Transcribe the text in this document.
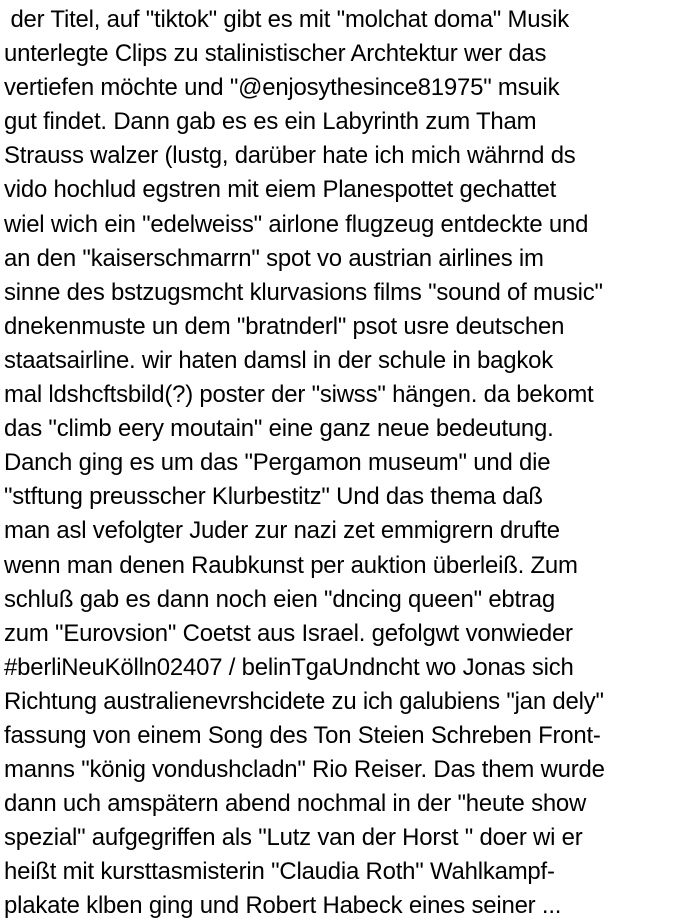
der Titel, auf "tiktok" gibt es mit "molchat doma" Musik
unterlegte Clips zu stalinistischer Archtektur wer das
vertiefen möchte und "@enjosythesince81975" msuik
gut findet. Dann gab es es ein Labyrinth zum Tham
Strauss walzer (lustg, darüber hate ich mich währnd ds
vido hochlud egstren mit eiem Planespottet gechattet
wiel wich ein "edelweiss" airlone flugzeug entdeckte und
an den "kaiserschmarrn" spot vo austrian airlines im
sinne des bstzugsmcht klurvasions films "sound of music"
dnekenmuste un dem "bratnderl" psot usre deutschen
staatsairline. wir haten damsl in der schule in bagkok
mal ldshcftsbild(?) poster der "siwss" hängen. da bekomt
das "climb eery moutain" eine ganz neue bedeutung.
Danch ging es um das "Pergamon museum" und die
"stftung preusscher Klurbestitz" Und das thema daß
man asl vefolgter Juder zur nazi zet emmigrern drufte
wenn man denen Raubkunst per auktion überleiß. Zum
schluß gab es dann noch eien "dncing queen" ebtrag
zum "Eurovsion" Coetst aus Israel. gefolgwt vonwieder
#berliNeuKölln02407 / belinTgaUndncht wo Jonas sich
Richtung australienevrshcidete zu ich galubiens "jan dely"
fassung von einem Song des Ton Steien Schreben Front-
manns "könig vondushcladn" Rio Reiser. Das them wurde
dann uch amspätern abend nochmal in der "heute show
spezial" aufgegriffen als "Lutz van der Horst " doer wi er
heißt mit kursttasmisterin "Claudia Roth" Wahlkampf-
plakate klben ging und Robert Habeck eines seiner ...
